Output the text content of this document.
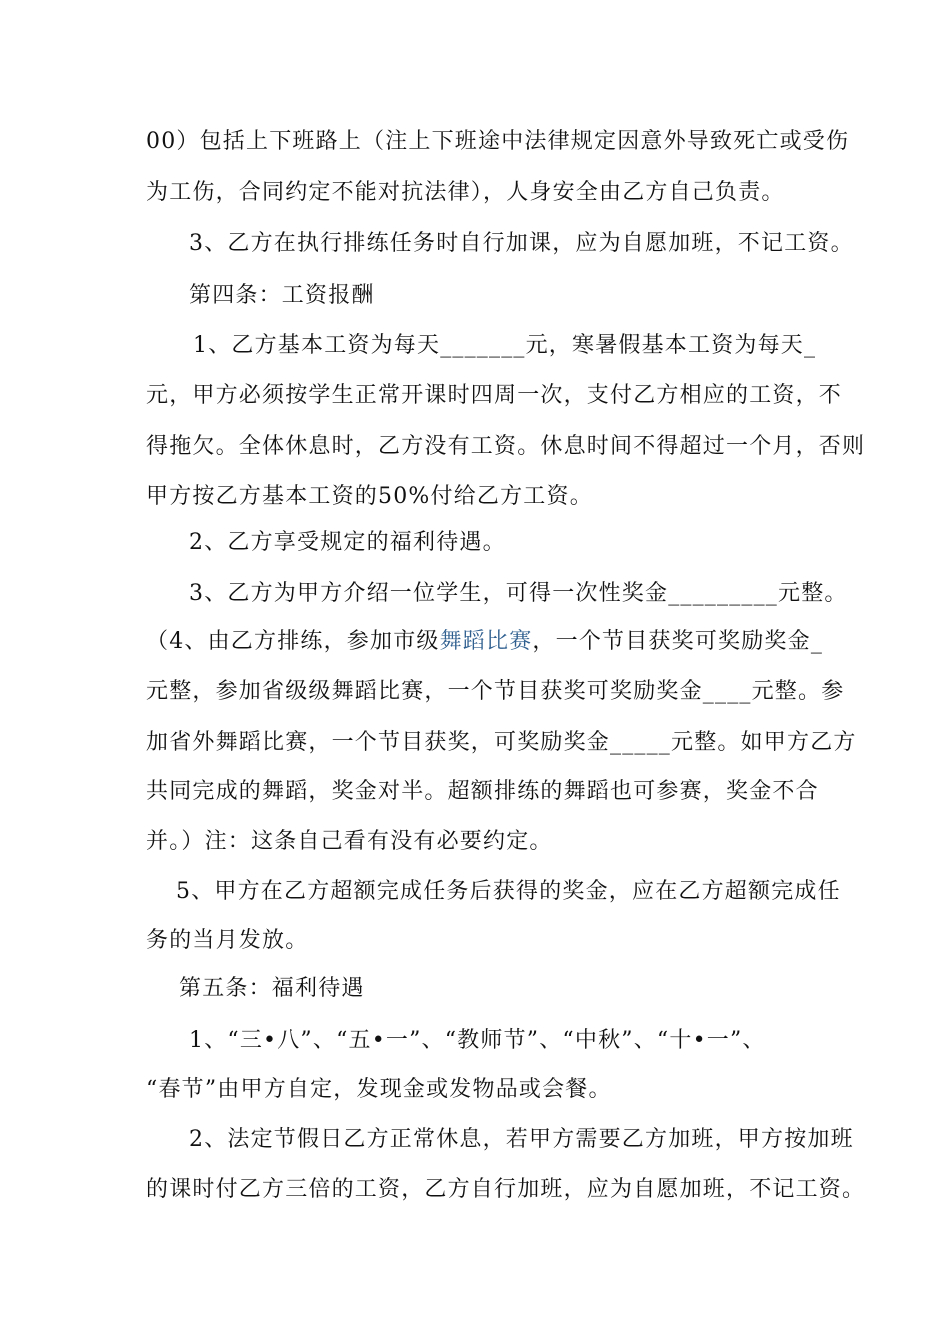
00）包括上下班路上（注上下班途中法律规定因意外导致死亡或受伤
为工伤，合同约定不能对抗法律），人身安全由乙方自己负责。
3、乙方在执行排练任务时自行加课，应为自愿加班，不记工资。
第四条：工资报酬
1、乙方基本工资为每天_______元，寒暑假基本工资为每天_
元，甲方必须按学生正常开课时四周一次，支付乙方相应的工资，不
得拖欠。全体休息时，乙方没有工资。休息时间不得超过一个月，否则
甲方按乙方基本工资的50%付给乙方工资。
2、乙方享受规定的福利待遇。
3、乙方为甲方介绍一位学生，可得一次性奖金_________元整。
（4、由乙方排练，参加市级舞蹈比赛，一个节目获奖可奖励奖金_
元整，参加省级级舞蹈比赛，一个节目获奖可奖励奖金____元整。参
加省外舞蹈比赛，一个节目获奖，可奖励奖金_____元整。如甲方乙方
共同完成的舞蹈，奖金对半。超额排练的舞蹈也可参赛，奖金不合
并。）注：这条自己看有没有必要约定。
5、甲方在乙方超额完成任务后获得的奖金，应在乙方超额完成任
务的当月发放。
第五条：福利待遇
1、“三•八”、“五•一”、“教师节”、“中秋”、“十•一”、
“春节”由甲方自定，发现金或发物品或会餐。
2、法定节假日乙方正常休息，若甲方需要乙方加班，甲方按加班
的课时付乙方三倍的工资，乙方自行加班，应为自愿加班，不记工资。
